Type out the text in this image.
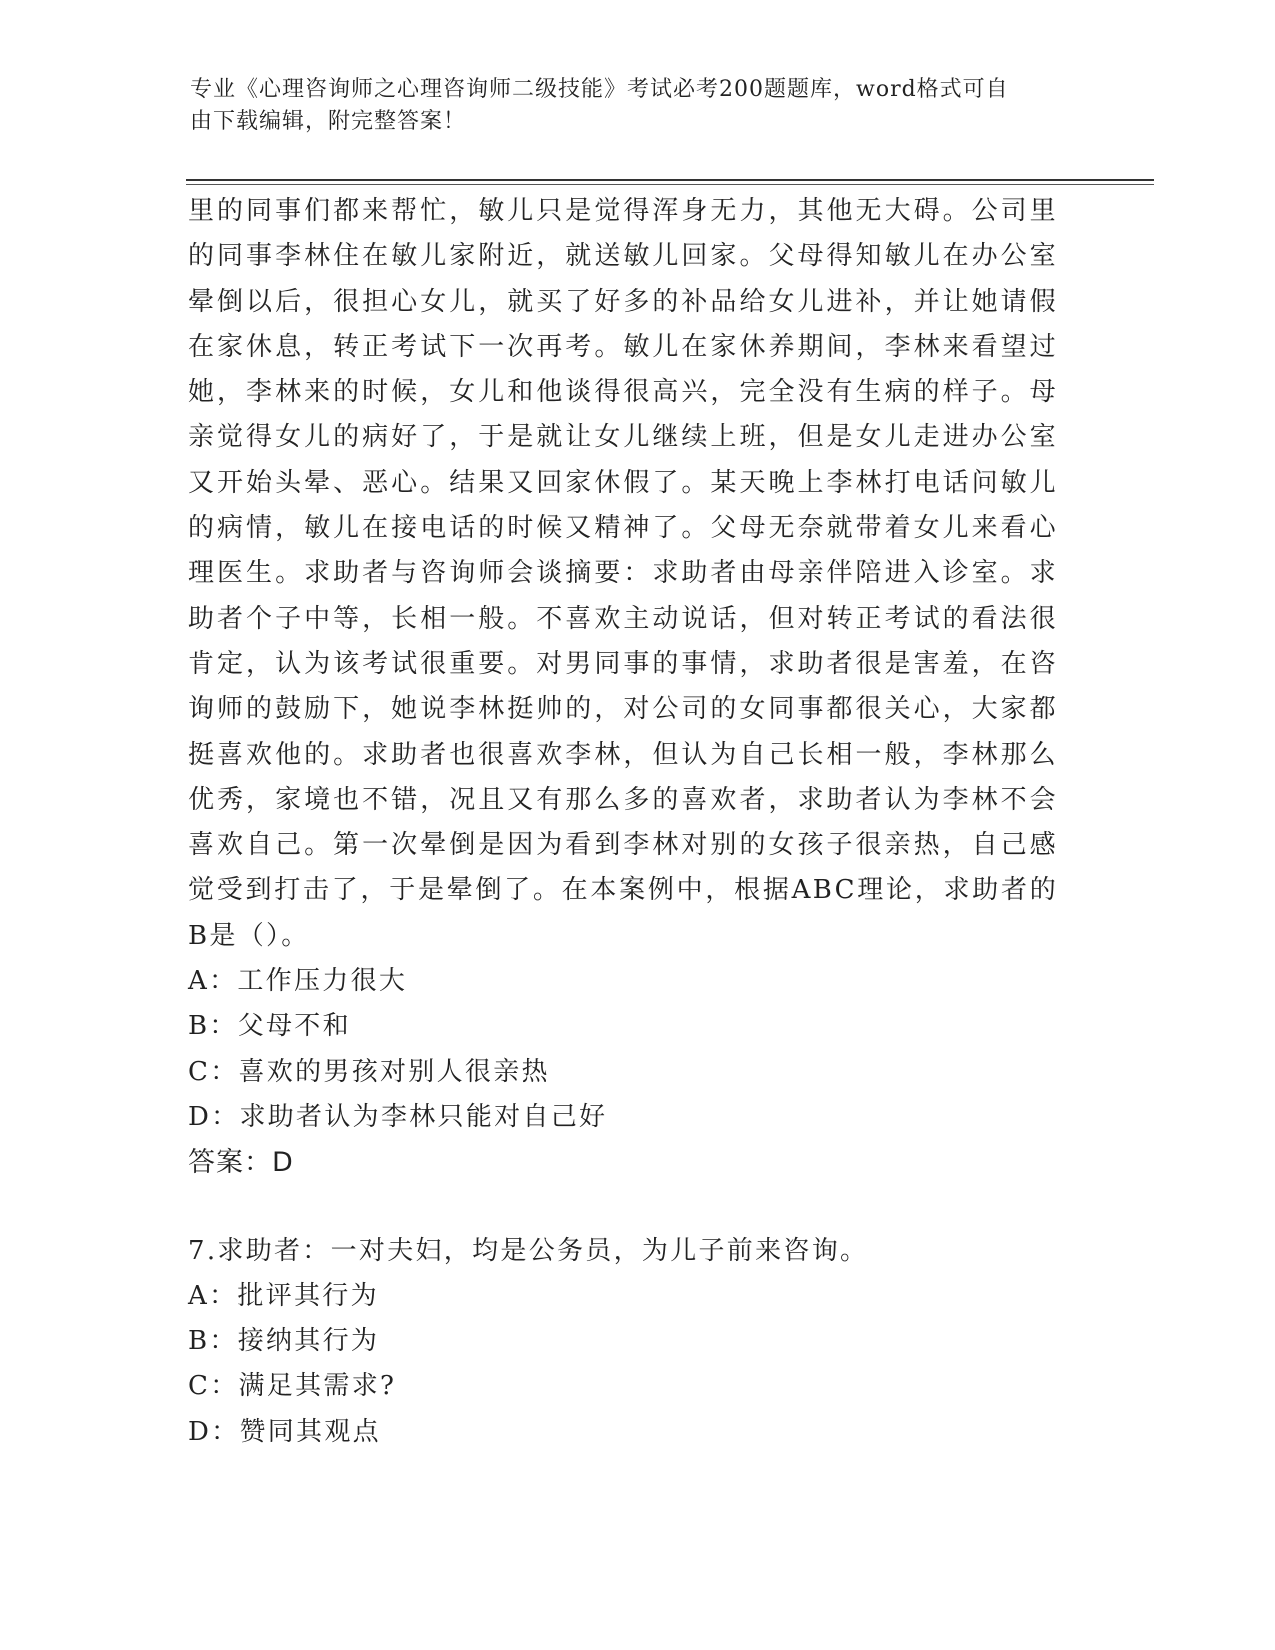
专业《心理咨询师之心理咨询师二级技能》考试必考200题题库，word格式可自
由下载编辑，附完整答案！

里的同事们都来帮忙，敏儿只是觉得浑身无力，其他无大碍。公司里的同事李林住在敏儿家附近，就送敏儿回家。父母得知敏儿在办公室晕倒以后，很担心女儿，就买了好多的补品给女儿进补，并让她请假在家休息，转正考试下一次再考。敏儿在家休养期间，李林来看望过她，李林来的时候，女儿和他谈得很高兴，完全没有生病的样子。母亲觉得女儿的病好了，于是就让女儿继续上班，但是女儿走进办公室又开始头晕、恶心。结果又回家休假了。某天晚上李林打电话问敏儿的病情，敏儿在接电话的时候又精神了。父母无奈就带着女儿来看心理医生。求助者与咨询师会谈摘要：求助者由母亲伴陪进入诊室。求助者个子中等，长相一般。不喜欢主动说话，但对转正考试的看法很肯定，认为该考试很重要。对男同事的事情，求助者很是害羞，在咨询师的鼓励下，她说李林挺帅的，对公司的女同事都很关心，大家都挺喜欢他的。求助者也很喜欢李林，但认为自己长相一般，李林那么优秀，家境也不错，况且又有那么多的喜欢者，求助者认为李林不会喜欢自己。第一次晕倒是因为看到李林对别的女孩子很亲热，自己感觉受到打击了，于是晕倒了。在本案例中，根据ABC理论，求助者的B是（）。

A：工作压力很大

B：父母不和

C：喜欢的男孩对别人很亲热

D：求助者认为李林只能对自己好

答案：D

7.求助者：一对夫妇，均是公务员，为儿子前来咨询。

A：批评其行为

B：接纳其行为

C：满足其需求?

D：赞同其观点
